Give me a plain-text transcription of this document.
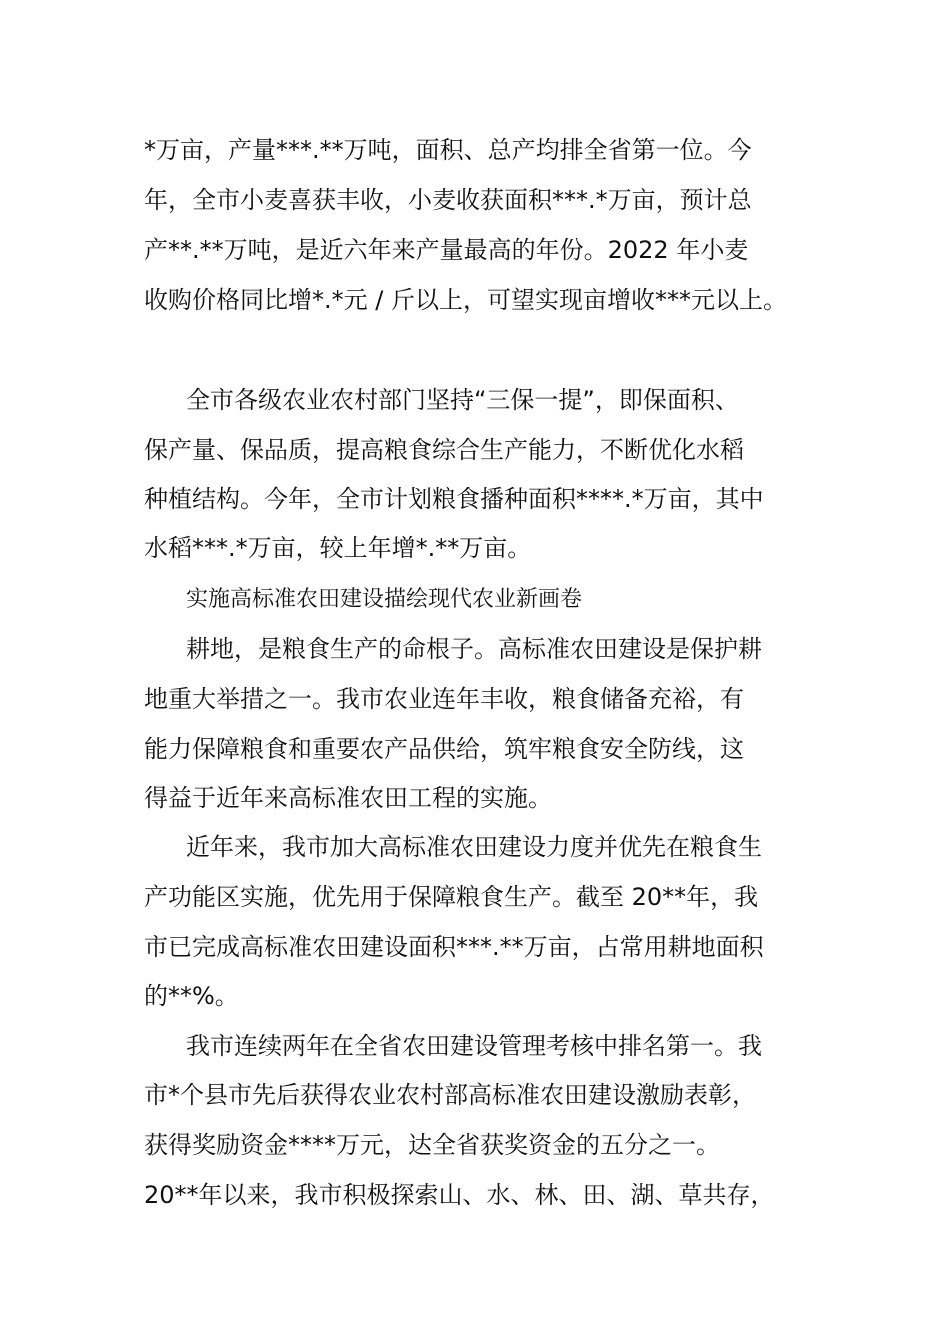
*万亩，产量***.**万吨，面积、总产均排全省第一位。今
年，全市小麦喜获丰收，小麦收获面积***.*万亩，预计总
产**.**万吨，是近六年来产量最高的年份。2022 年小麦
收购价格同比增*.*元 / 斤以上，可望实现亩增收***元以上。
全市各级农业农村部门坚持“三保一提”，即保面积、
保产量、保品质，提高粮食综合生产能力，不断优化水稻
种植结构。今年，全市计划粮食播种面积****.*万亩，其中
水稻***.*万亩，较上年增*.**万亩。
实施高标准农田建设描绘现代农业新画卷
耕地，是粮食生产的命根子。高标准农田建设是保护耕
地重大举措之一。我市农业连年丰收，粮食储备充裕，有
能力保障粮食和重要农产品供给，筑牢粮食安全防线，这
得益于近年来高标准农田工程的实施。
近年来，我市加大高标准农田建设力度并优先在粮食生
产功能区实施，优先用于保障粮食生产。截至 20**年，我
市已完成高标准农田建设面积***.**万亩，占常用耕地面积
的**%。
我市连续两年在全省农田建设管理考核中排名第一。我
市*个县市先后获得农业农村部高标准农田建设激励表彰，
获得奖励资金****万元，达全省获奖资金的五分之一。
20**年以来，我市积极探索山、水、林、田、湖、草共存，
